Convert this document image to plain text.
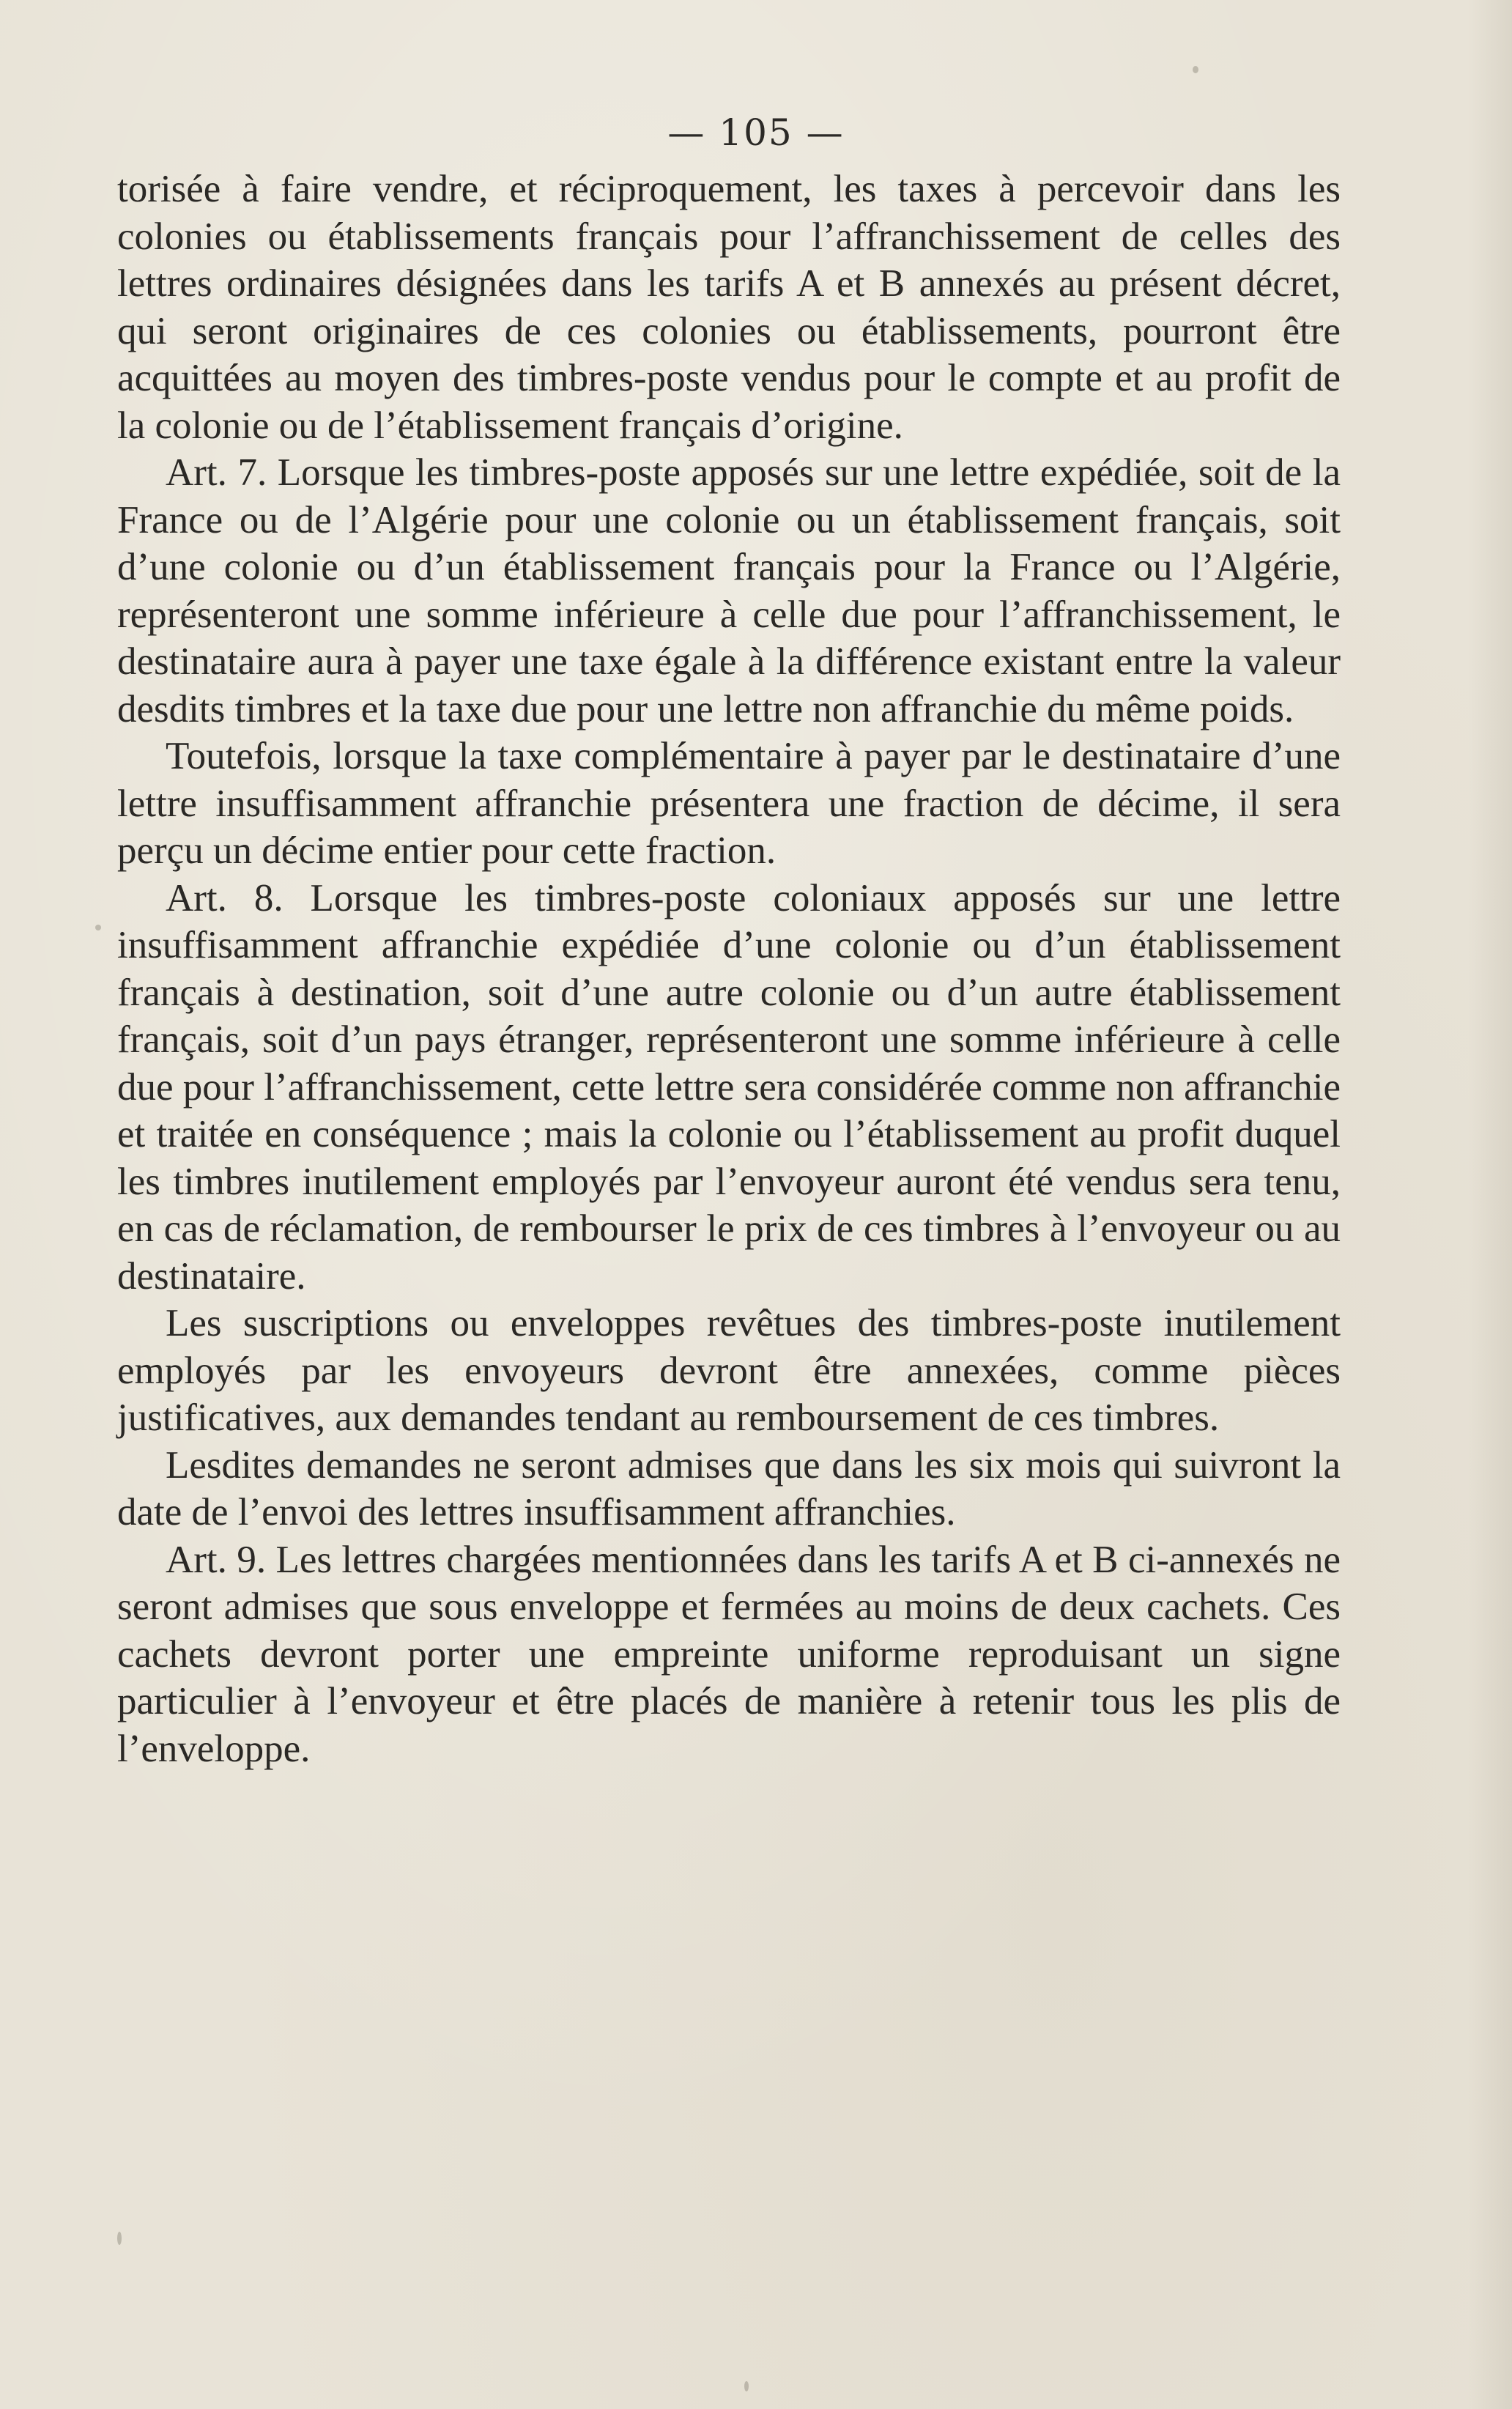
— 105 —

torisée à faire vendre, et réciproquement, les taxes à percevoir dans les colonies ou établissements français pour l’affranchissement de celles des lettres ordinaires désignées dans les tarifs A et B annexés au présent décret, qui seront originaires de ces colonies ou établissements, pourront être acquittées au moyen des timbres-poste vendus pour le compte et au profit de la colonie ou de l’établissement français d’origine.

Art. 7. Lorsque les timbres-poste apposés sur une lettre expédiée, soit de la France ou de l’Algérie pour une colonie ou un établissement français, soit d’une colonie ou d’un établissement français pour la France ou l’Algérie, représenteront une somme inférieure à celle due pour l’affranchissement, le destinataire aura à payer une taxe égale à la différence existant entre la valeur desdits timbres et la taxe due pour une lettre non affranchie du même poids.

Toutefois, lorsque la taxe complémentaire à payer par le destinataire d’une lettre insuffisamment affranchie présentera une fraction de décime, il sera perçu un décime entier pour cette fraction.

Art. 8. Lorsque les timbres-poste coloniaux apposés sur une lettre insuffisamment affranchie expédiée d’une colonie ou d’un établissement français à destination, soit d’une autre colonie ou d’un autre établissement français, soit d’un pays étranger, représenteront une somme inférieure à celle due pour l’affranchissement, cette lettre sera considérée comme non affranchie et traitée en conséquence ; mais la colonie ou l’établissement au profit duquel les timbres inutilement employés par l’envoyeur auront été vendus sera tenu, en cas de réclamation, de rembourser le prix de ces timbres à l’envoyeur ou au destinataire.

Les suscriptions ou enveloppes revêtues des timbres-poste inutilement employés par les envoyeurs devront être annexées, comme pièces justificatives, aux demandes tendant au remboursement de ces timbres.

Lesdites demandes ne seront admises que dans les six mois qui suivront la date de l’envoi des lettres insuffisamment affranchies.

Art. 9. Les lettres chargées mentionnées dans les tarifs A et B ci-annexés ne seront admises que sous enveloppe et fermées au moins de deux cachets. Ces cachets devront porter une empreinte uniforme reproduisant un signe particulier à l’envoyeur et être placés de manière à retenir tous les plis de l’enveloppe.
